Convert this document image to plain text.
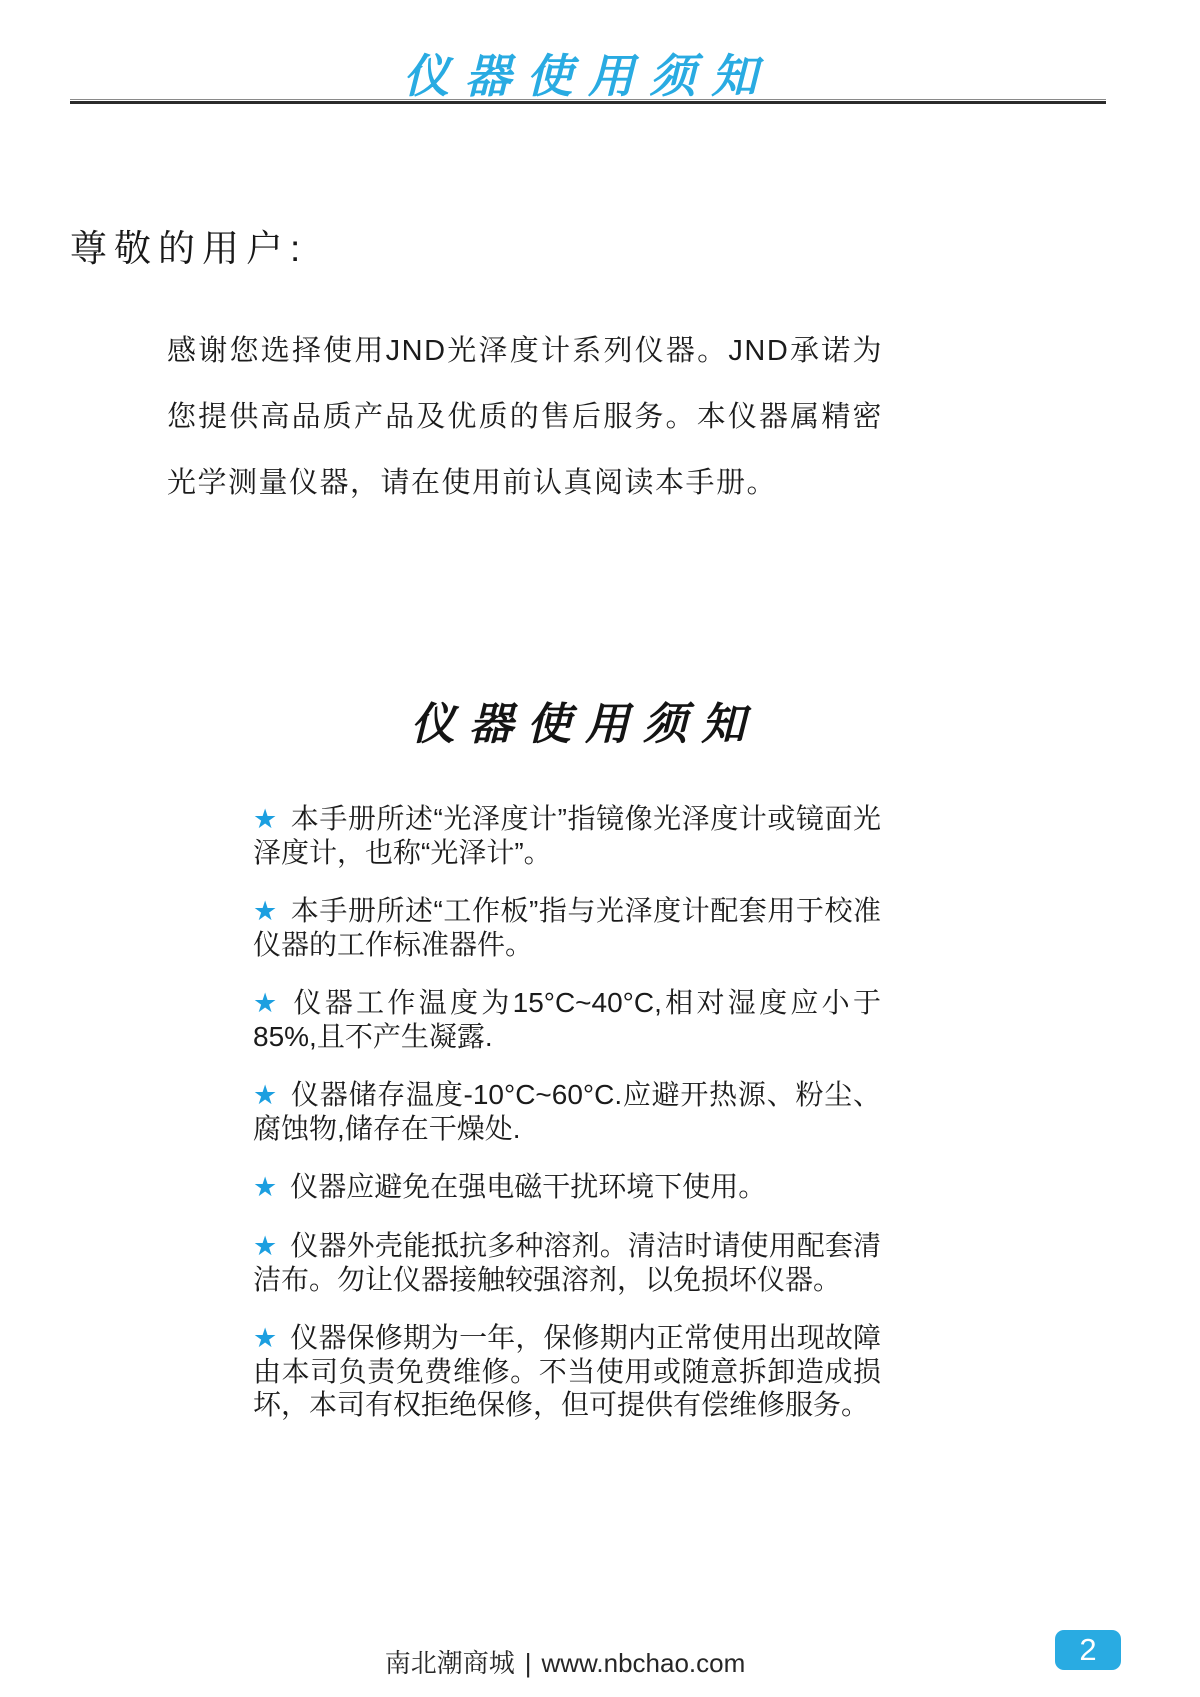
仪器使用须知
尊敬的用户:
感谢您选择使用JND光泽度计系列仪器。JND承诺为您提供高品质产品及优质的售后服务。本仪器属精密光学测量仪器，请在使用前认真阅读本手册。
仪器使用须知
★ 本手册所述“光泽度计”指镜像光泽度计或镜面光泽度计，也称“光泽计”。
★ 本手册所述“工作板”指与光泽度计配套用于校准仪器的工作标准器件。
★ 仪器工作温度为15°C~40°C,相对湿度应小于85%,且不产生凝露.
★ 仪器储存温度-10°C~60°C.应避开热源、粉尘、腐蚀物,储存在干燥处.
★ 仪器应避免在强电磁干扰环境下使用。
★ 仪器外壳能抵抗多种溶剂。清洁时请使用配套清洁布。勿让仪器接触较强溶剂，以免损坏仪器。
★ 仪器保修期为一年，保修期内正常使用出现故障由本司负责免费维修。不当使用或随意拆卸造成损坏，本司有权拒绝保修，但可提供有偿维修服务。
南北潮商城 | www.nbchao.com	2
